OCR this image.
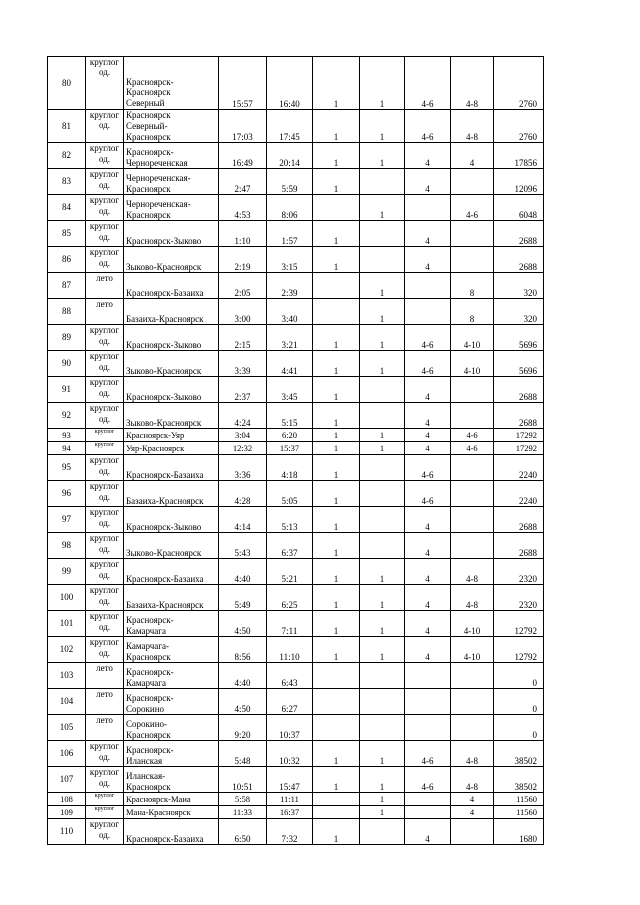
80	круглог
од.	Красноярск-
Красноярск
Северный	15:57	16:40	1	1	4-6	4-8	2760
81	круглог
од.	Красноярск
Северный-
Красноярск	17:03	17:45	1	1	4-6	4-8	2760
82	круглог
од.	Красноярск-
Чернореченская	16:49	20:14	1	1	4	4	17856
83	круглог
од.	Чернореченская-
Красноярск	2:47	5:59	1		4		12096
84	круглог
од.	Чернореченская-
Красноярск	4:53	8:06		1		4-6	6048
85	круглог
од.	Красноярск-Зыково	1:10	1:57	1		4		2688
86	круглог
од.	Зыково-Красноярск	2:19	3:15	1		4		2688
87	лето	Красноярск-Базаиха	2:05	2:39		1		8	320
88	лето	Базаиха-Красноярск	3:00	3:40		1		8	320
89	круглог
од.	Красноярск-Зыково	2:15	3:21	1	1	4-6	4-10	5696
90	круглог
од.	Зыково-Красноярск	3:39	4:41	1	1	4-6	4-10	5696
91	круглог
од.	Красноярск-Зыково	2:37	3:45	1		4		2688
92	круглог
од.	Зыково-Красноярск	4:24	5:15	1		4		2688
93	круглог	Красноярск-Уяр	3:04	6:20	1	1	4	4-6	17292
94	круглог	Уяр-Красноярск	12:32	15:37	1	1	4	4-6	17292
95	круглог
од.	Красноярск-Базаиха	3:36	4:18	1		4-6		2240
96	круглог
од.	Базаиха-Красноярск	4:28	5:05	1		4-6		2240
97	круглог
од.	Красноярск-Зыково	4:14	5:13	1		4		2688
98	круглог
од.	Зыково-Красноярск	5:43	6:37	1		4		2688
99	круглог
од.	Красноярск-Базаиха	4:40	5:21	1	1	4	4-8	2320
100	круглог
од.	Базаиха-Красноярск	5:49	6:25	1	1	4	4-8	2320
101	круглог
од.	Красноярск-
Камарчага	4:50	7:11	1	1	4	4-10	12792
102	круглог
од.	Камарчага-
Красноярск	8:56	11:10	1	1	4	4-10	12792
103	лето	Красноярск-
Камарчага	4:40	6:43					0
104	лето	Красноярск-
Сорокино	4:50	6:27					0
105	лето	Сорокино-
Красноярск	9:20	10:37					0
106	круглог
од.	Красноярск-
Иланская	5:48	10:32	1	1	4-6	4-8	38502
107	круглог
од.	Иланская-
Красноярск	10:51	15:47	1	1	4-6	4-8	38502
108	круглог	Красноярск-Маиа	5:58	11:11		1		4	11560
109	круглог	Мана-Красноярск	11:33	16:37		1		4	11560
110	круглог
од.	Красноярск-Базаиха	6:50	7:32	1		4		1680
